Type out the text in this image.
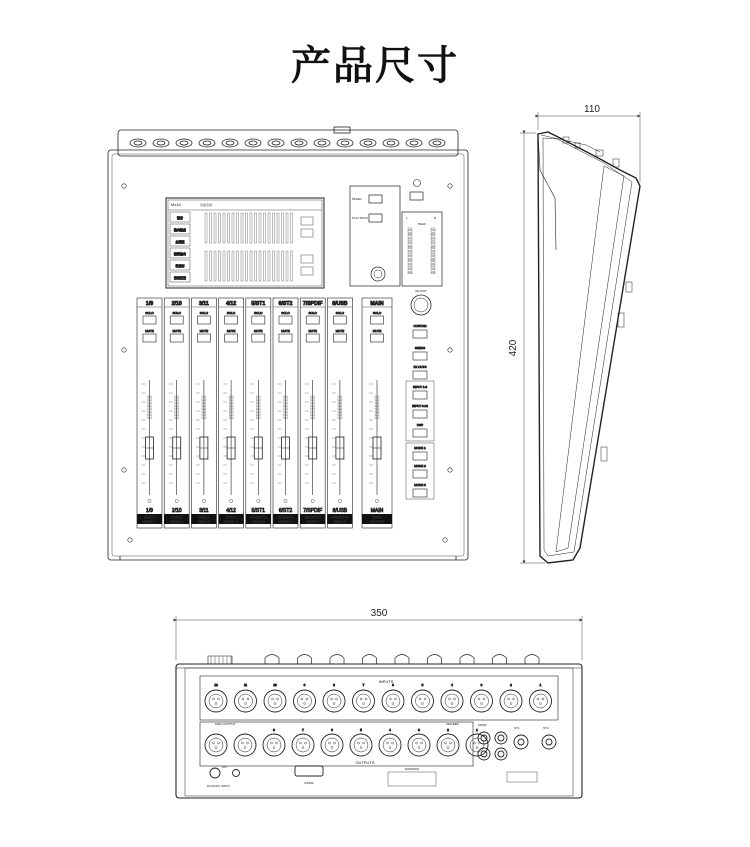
产品尺寸
混音
输出路由
主通道
辅助输出
场景库
系统设置
1/9
SOLO
MUTE
1/9
AUX 1
SEND 1
2/10
SOLO
MUTE
2/10
AUX 2
SEND 2
3/11
SOLO
MUTE
3/11
AUX 3
SEND 3
4/12
SOLO
MUTE
4/12
AUX 4
SEND 4
5/ST1
SOLO
MUTE
5/ST1
GROUP 5
SEND 5
6/ST2
SOLO
MUTE
6/ST2
GROUP 6
SEND 6
7/SPDIF
SOLO
MUTE
7/SPDIF
GROUP 7
SEND 7
8/USB
SOLO
MUTE
8/USB
GROUP 8
SEND 8
MAIN
SOLO
MUTE
MAIN
MAIN
OUTPUT
CUSTOM
SENDS
FX OUTS
INPUT 1-8
INPUT 9-16
DSP
MODE 1
MODE 2
MODE 3
110
420
350
12	11	10	9	8	7	6	5	4	3	2	1
8	7	6	5	4	3	2	1
Mx16	设备名称
MIXER
PLAY BACK	L	R
PEAK
ADJUST
INPUTS
MAIN OUTPUT	AES/EBU	SPDIF
ST1	ST2
OUTPUTS
RS232
DC4V/DC INPUT
ON	WARNING
